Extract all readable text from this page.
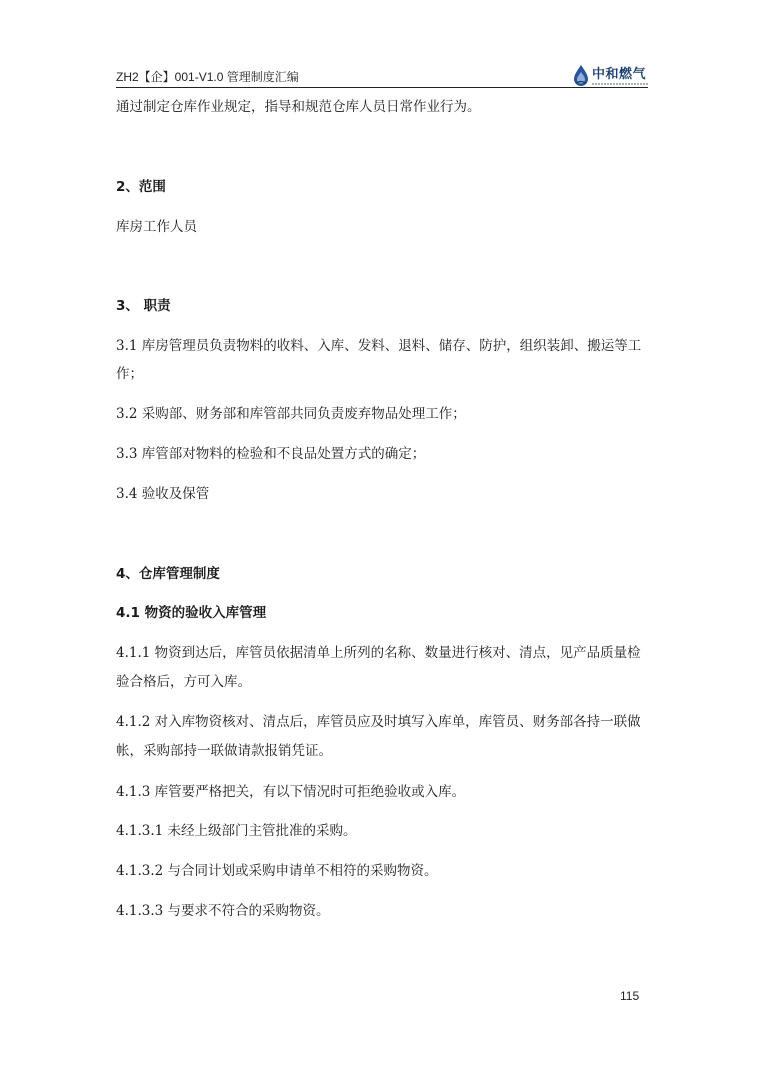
ZH2【企】001-V1.0 管理制度汇编	中和燃气
通过制定仓库作业规定，指导和规范仓库人员日常作业行为。
2、范围
库房工作人员
3、 职责
3.1 库房管理员负责物料的收料、入库、发料、退料、储存、防护，组织装卸、搬运等工
作；
3.2 采购部、财务部和库管部共同负责废弃物品处理工作；
3.3 库管部对物料的检验和不良品处置方式的确定；
3.4 验收及保管
4、仓库管理制度
4.1 物资的验收入库管理
4.1.1 物资到达后，库管员依据清单上所列的名称、数量进行核对、清点，见产品质量检
验合格后，方可入库。
4.1.2 对入库物资核对、清点后，库管员应及时填写入库单，库管员、财务部各持一联做
帐，采购部持一联做请款报销凭证。
4.1.3 库管要严格把关，有以下情况时可拒绝验收或入库。
4.1.3.1 未经上级部门主管批准的采购。
4.1.3.2 与合同计划或采购申请单不相符的采购物资。
4.1.3.3 与要求不符合的采购物资。
115
